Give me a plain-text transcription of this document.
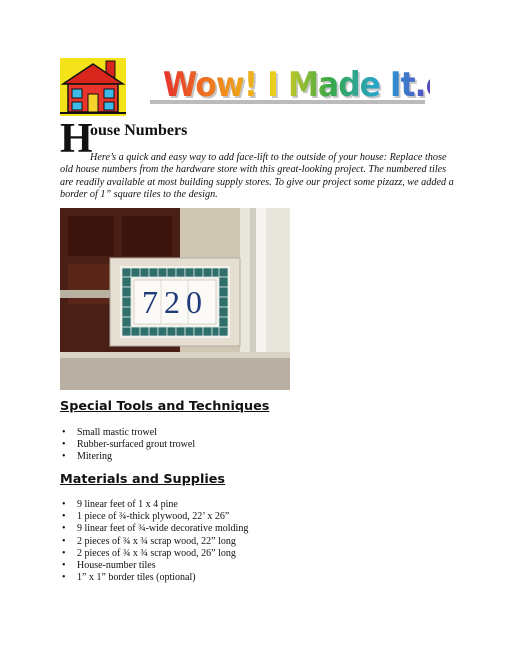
Wow! I Made It.
Wow! I Made It.
H
ouse Numbers
Here’s a quick and easy way to add face-lift to the outside of your house: Replace those old house numbers from the hardware store with this great-looking project. The numbered tiles are readily available at most building supply stores. To give our project some pizazz, we added a border of 1” square tiles to the design.
720
Special Tools and Techniques
• Small mastic trowel
• Rubber-surfaced grout trowel
• Mitering
Materials and Supplies
• 9 linear feet of 1 x 4 pine
• 1 piece of ¾-thick plywood, 22’ x 26”
• 9 linear feet of ¾-wide decorative molding
• 2 pieces of ¾ x ¾ scrap wood, 22” long
• 2 pieces of ¾ x ¾ scrap wood, 26” long
• House-number tiles
• 1” x 1” border tiles (optional)
